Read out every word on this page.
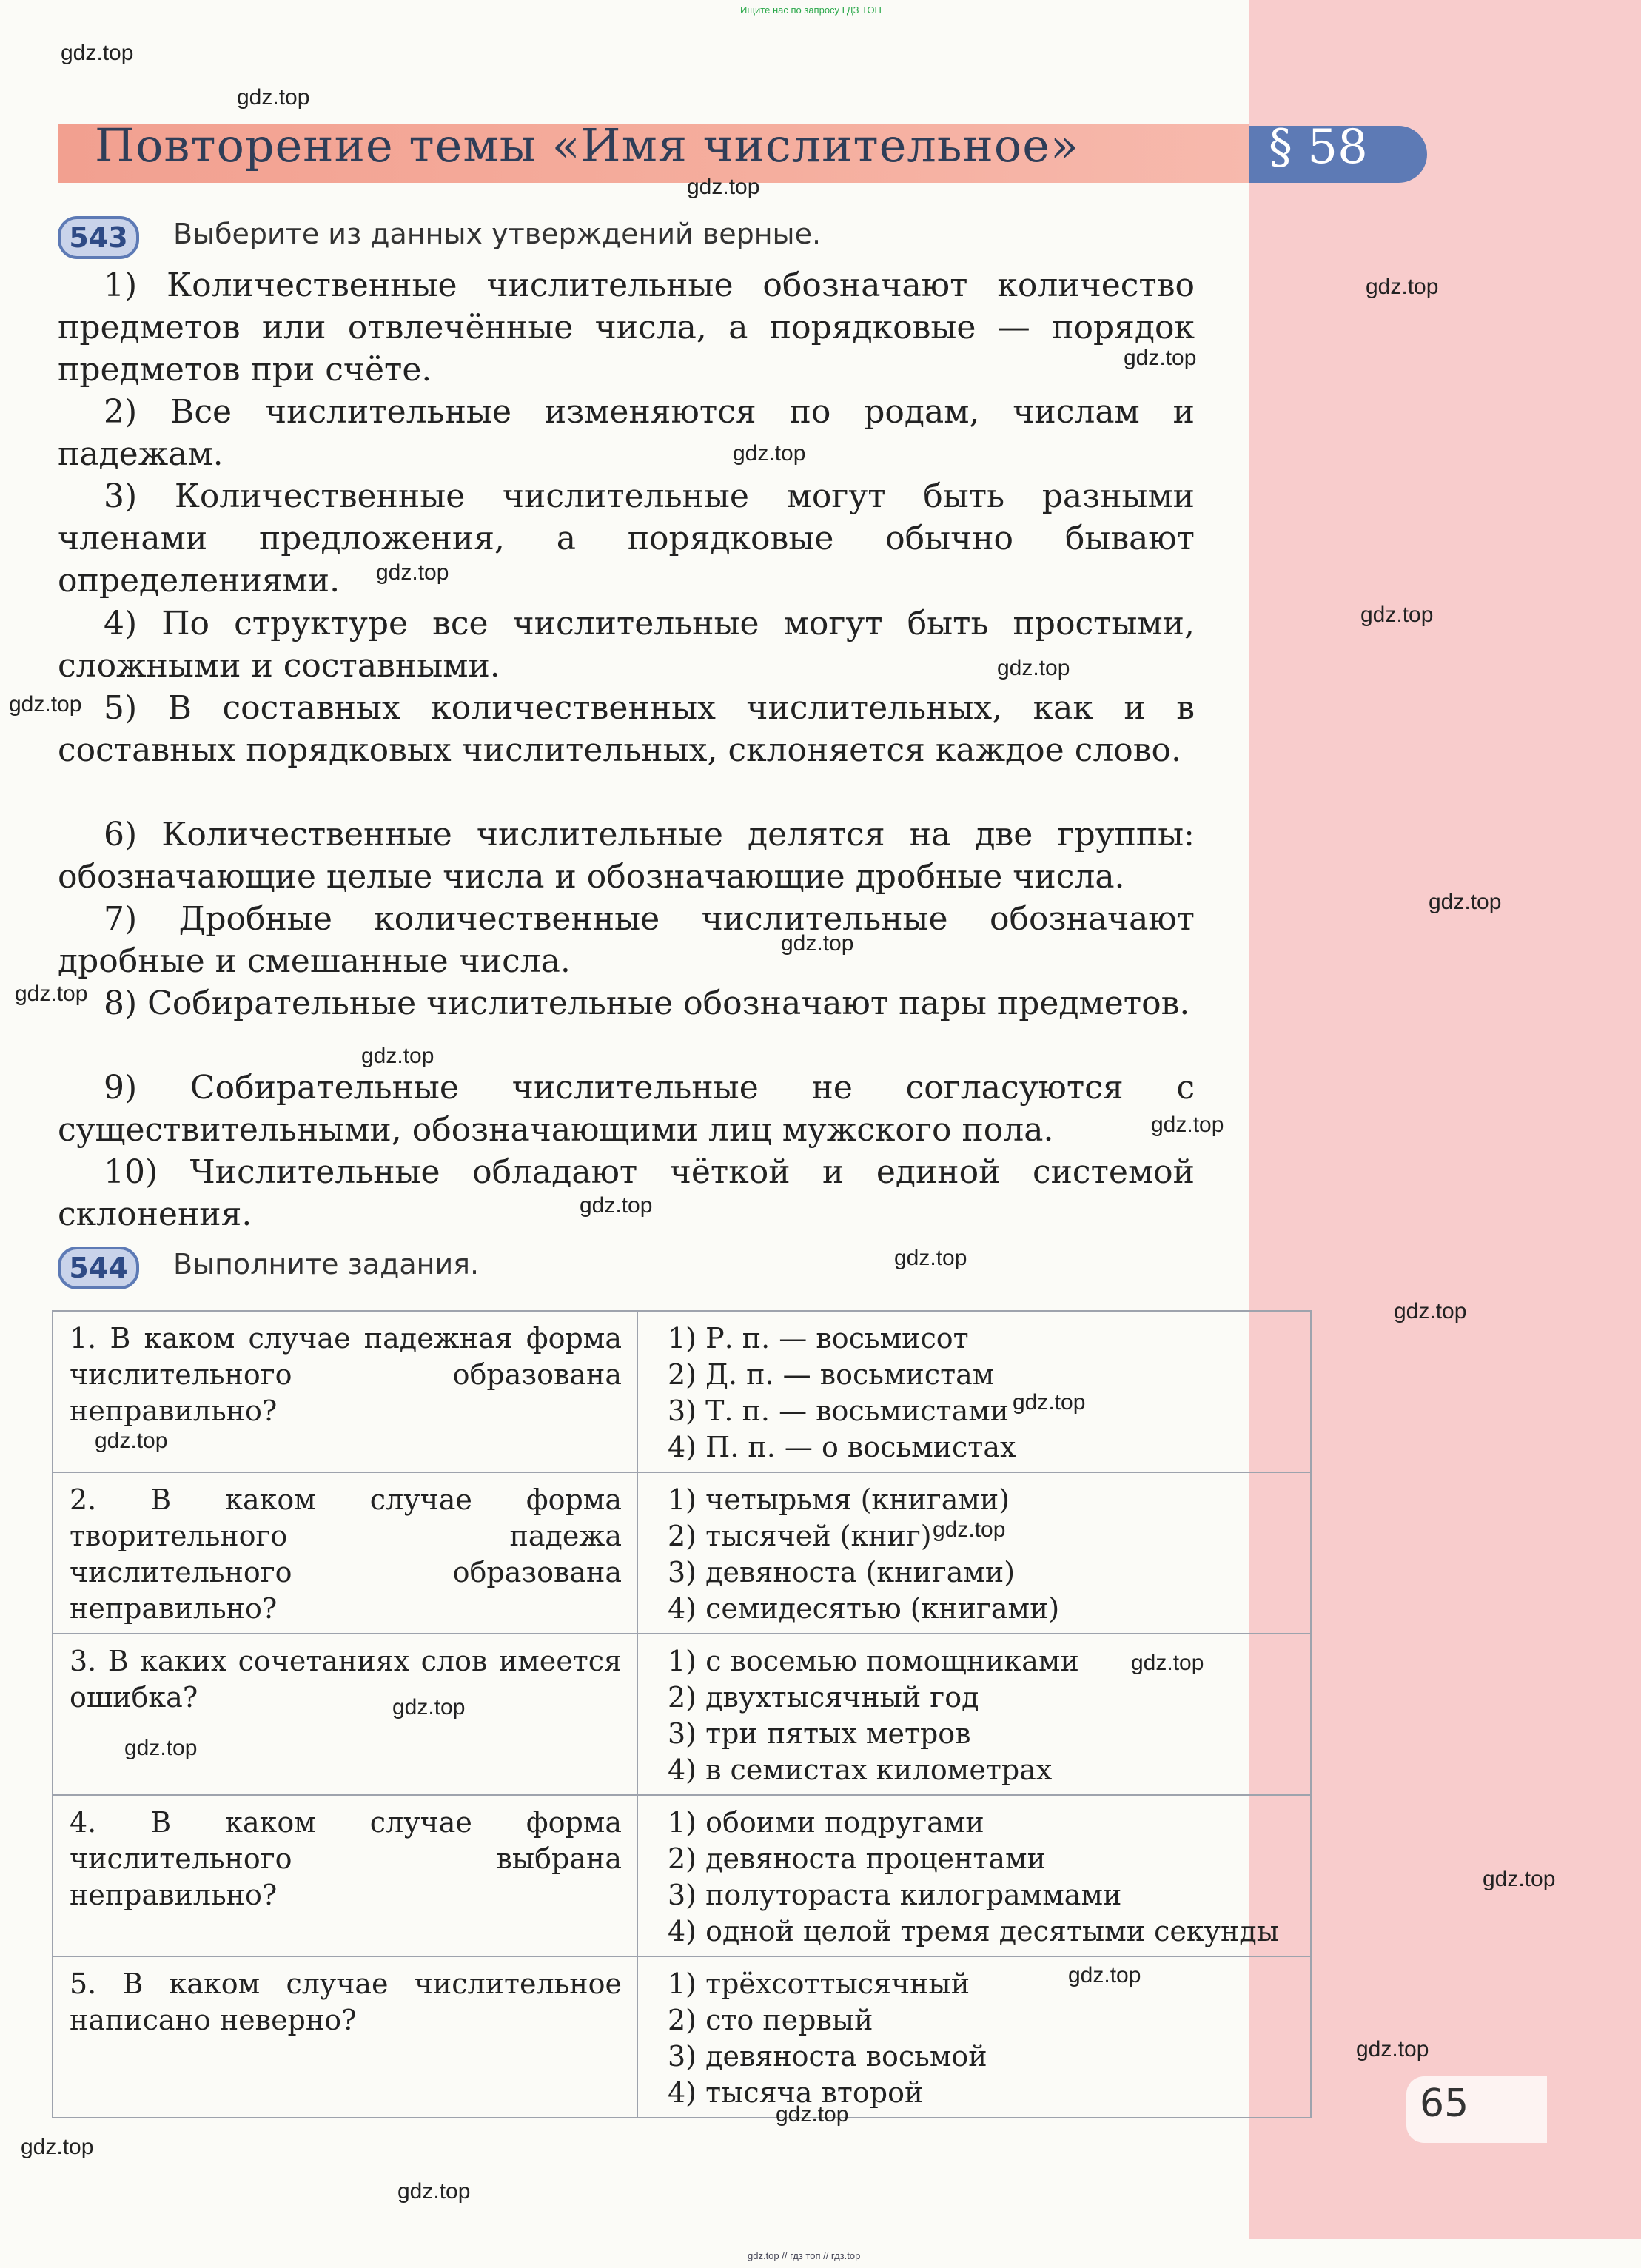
Ищите нас по запросу ГДЗ ТОП
Повторение темы «Имя числительное»	§ 58
543	Выберите из данных утверждений верные.
1) Количественные числительные обозначают количество предметов или отвлечённые числа, а порядковые — порядок предметов при счёте.
2) Все числительные изменяются по родам, числам и падежам.
3) Количественные числительные могут быть разными членами предложения, а порядковые обычно бывают определениями.
4) По структуре все числительные могут быть простыми, сложными и составными.
5) В составных количественных числительных, как и в составных порядковых числительных, склоняется каждое слово.
6) Количественные числительные делятся на две группы: обозначающие целые числа и обозначающие дробные числа.
7) Дробные количественные числительные обозначают дробные и смешанные числа.
8) Собирательные числительные обозначают пары предметов.
9) Собирательные числительные не согласуются с существительными, обозначающими лиц мужского пола.
10) Числительные обладают чёткой и единой системой склонения.
544	Выполните задания.
1. В каком случае падежная форма числительного образована неправильно?	1) Р. п. — восьмисот
2) Д. п. — восьмистам
3) Т. п. — восьмистами
4) П. п. — о восьмистах

2. В каком случае форма творительного падежа числительного образована неправильно?	1) четырьмя (книгами)
2) тысячей (книг)
3) девяноста (книгами)
4) семидесятью (книгами)

3. В каких сочетаниях слов имеется ошибка?	1) с восемью помощниками
2) двухтысячный год
3) три пятых метров
4) в семистах километрах

4. В каком случае форма числительного выбрана неправильно?	1) обоими подругами
2) девяноста процентами
3) полутораста килограммами
4) одной целой тремя десятыми секунды

5. В каком случае числительное написано неверно?	1) трёхсоттысячный
2) сто первый
3) девяноста восьмой
4) тысяча второй	65
gdz.top
gdz.top
gdz.top
gdz.top
gdz.top
gdz.top
gdz.top
gdz.top
gdz.top
gdz.top
gdz.top
gdz.top
gdz.top
gdz.top
gdz.top
gdz.top
gdz.top
gdz.top
gdz.top
gdz.top
gdz.top
gdz.top
gdz.top
gdz.top
gdz.top
gdz.top
gdz.top
gdz.top
gdz.top
gdz.top
gdz.top // гдз топ // гдз.top
